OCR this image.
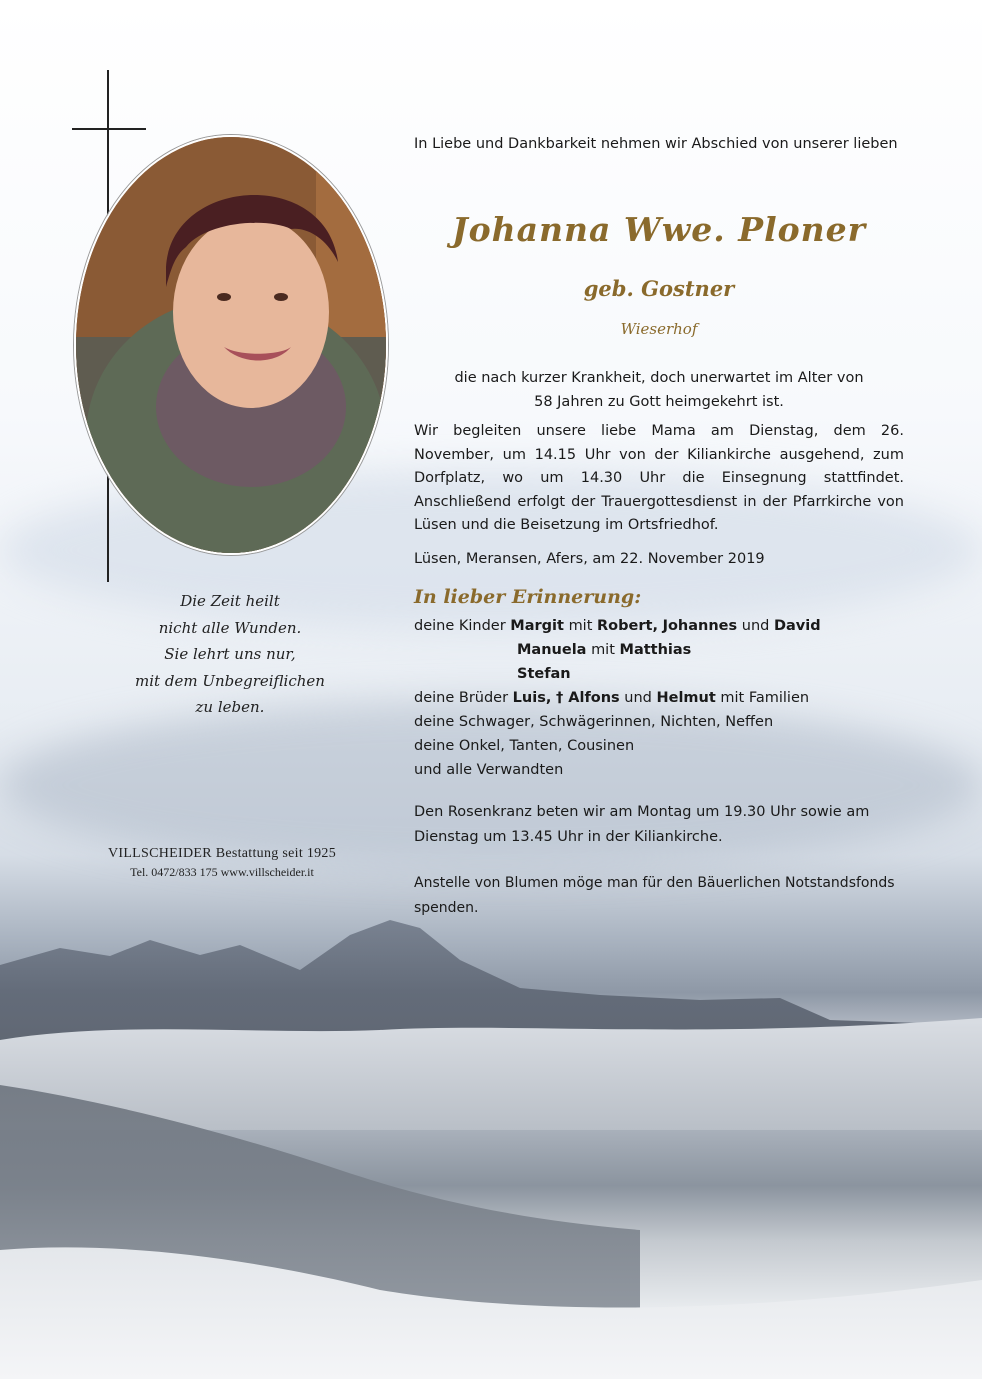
Die Zeit heilt
nicht alle Wunden.
Sie lehrt uns nur,
mit dem Unbegreiflichen
zu leben.
VILLSCHEIDER Bestattung seit 1925
Tel. 0472/833 175 www.villscheider.it
In Liebe und Dankbarkeit nehmen wir Abschied von unserer lieben
Johanna Wwe. Ploner
geb. Gostner
Wieserhof
die nach kurzer Krankheit, doch unerwartet im Alter von
58 Jahren zu Gott heimgekehrt ist.
Wir begleiten unsere liebe Mama am Dienstag, dem 26. November, um 14.15 Uhr von der Kiliankirche ausgehend, zum Dorfplatz, wo um 14.30 Uhr die Einsegnung stattfindet. Anschließend erfolgt der Trauergottesdienst in der Pfarrkirche von Lüsen und die Beisetzung im Ortsfriedhof.
Lüsen, Meransen, Afers, am 22. November 2019
In lieber Erinnerung:
deine Kinder Margit mit Robert, Johannes und David
Manuela mit Matthias
Stefan
deine Brüder Luis, † Alfons und Helmut mit Familien
deine Schwager, Schwägerinnen, Nichten, Neffen
deine Onkel, Tanten, Cousinen
und alle Verwandten
Den Rosenkranz beten wir am Montag um 19.30 Uhr sowie am
Dienstag um 13.45 Uhr in der Kiliankirche.
Anstelle von Blumen möge man für den Bäuerlichen Notstandsfonds
spenden.
